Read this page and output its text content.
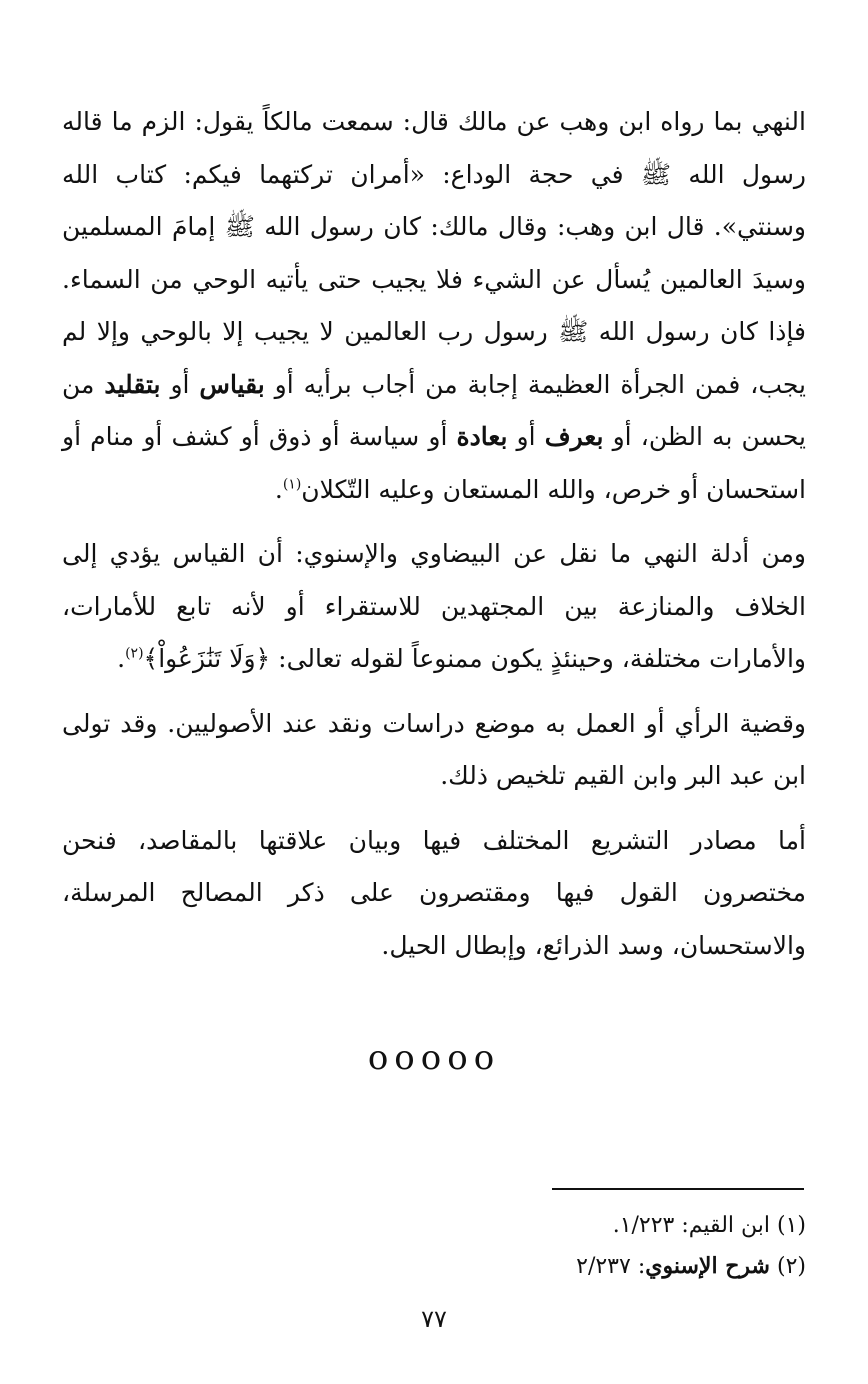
النهي بما رواه ابن وهب عن مالك قال: سمعت مالكاً يقول: الزم ما قاله رسول الله ﷺ في حجة الوداع: «أمران تركتهما فيكم: كتاب الله وسنتي». قال ابن وهب: وقال مالك: كان رسول الله ﷺ إمامَ المسلمين وسيدَ العالمين يُسأل عن الشيء فلا يجيب حتى يأتيه الوحي من السماء. فإذا كان رسول الله ﷺ رسول رب العالمين لا يجيب إلا بالوحي وإلا لم يجب، فمن الجرأة العظيمة إجابة من أجاب برأيه أو بقياس أو بتقليد من يحسن به الظن، أو بعرف أو بعادة أو سياسة أو ذوق أو كشف أو منام أو استحسان أو خرص، والله المستعان وعليه التّكلان$^{(١)}$.

ومن أدلة النهي ما نقل عن البيضاوي والإسنوي: أن القياس يؤدي إلى الخلاف والمنازعة بين المجتهدين للاستقراء أو لأنه تابع للأمارات، والأمارات مختلفة، وحينئذٍ يكون ممنوعاً لقوله تعالى: ﴿وَلَا تَنَٰزَعُواْ﴾$^{(٢)}$.

وقضية الرأي أو العمل به موضع دراسات ونقد عند الأصوليين. وقد تولى ابن عبد البر وابن القيم تلخيص ذلك.

أما مصادر التشريع المختلف فيها وبيان علاقتها بالمقاصد، فنحن مختصرون القول فيها ومقتصرون على ذكر المصالح المرسلة، والاستحسان، وسد الذرائع، وإبطال الحيل.

ooooo

(١) ابن القيم: ١/٢٢٣.

(٢) شرح الإسنوي: ٢/٢٣٧

٧٧
